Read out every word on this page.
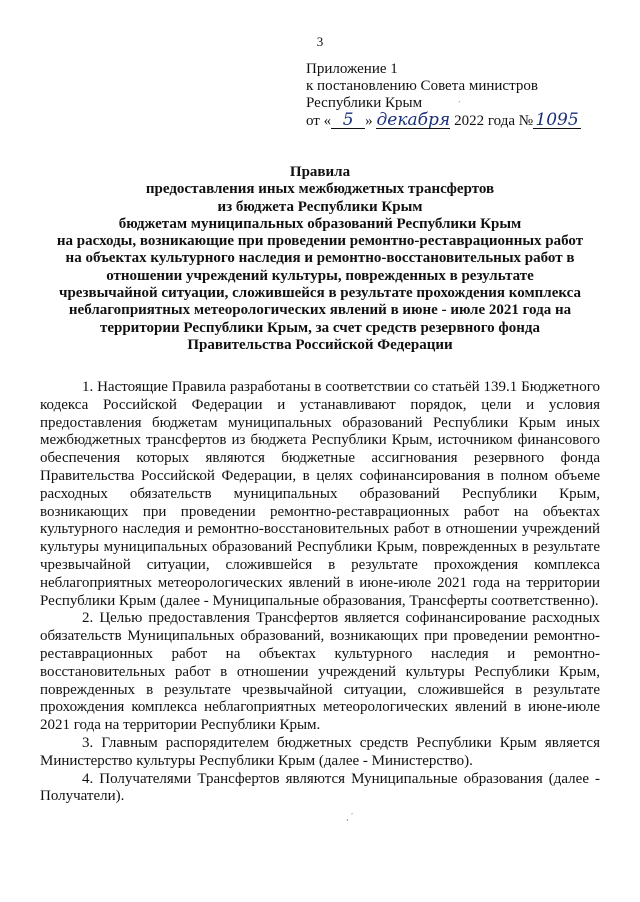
3
Приложение 1
к постановлению Совета министров
Республики Крым
от « 5 » декабря 2022 года № 1095
Правила
предоставления иных межбюджетных трансфертов
из бюджета Республики Крым
бюджетам муниципальных образований Республики Крым
на расходы, возникающие при проведении ремонтно-реставрационных работ
на объектах культурного наследия и ремонтно-восстановительных работ в
отношении учреждений культуры, поврежденных в результате
чрезвычайной ситуации, сложившейся в результате прохождения комплекса
неблагоприятных метеорологических явлений в июне - июле 2021 года на
территории Республики Крым, за счет средств резервного фонда
Правительства Российской Федерации

1. Настоящие Правила разработаны в соответствии со статьёй 139.1 Бюджетного кодекса Российской Федерации и устанавливают порядок, цели и условия предоставления бюджетам муниципальных образований Республики Крым иных межбюджетных трансфертов из бюджета Республики Крым, источником финансового обеспечения которых являются бюджетные ассигнования резервного фонда Правительства Российской Федерации, в целях софинансирования в полном объеме расходных обязательств муниципальных образований Республики Крым, возникающих при проведении ремонтно-реставрационных работ на объектах культурного наследия и ремонтно-восстановительных работ в отношении учреждений культуры муниципальных образований Республики Крым, поврежденных в результате чрезвычайной ситуации, сложившейся в результате прохождения комплекса неблагоприятных метеорологических явлений в июне-июле 2021 года на территории Республики Крым (далее - Муниципальные образования, Трансферты соответственно).

2. Целью предоставления Трансфертов является софинансирование расходных обязательств Муниципальных образований, возникающих при проведении ремонтно-реставрационных работ на объектах культурного наследия и ремонтно-восстановительных работ в отношении учреждений культуры Республики Крым, поврежденных в результате чрезвычайной ситуации, сложившейся в результате прохождения комплекса неблагоприятных метеорологических явлений в июне-июле 2021 года на территории Республики Крым.

3. Главным распорядителем бюджетных средств Республики Крым является Министерство культуры Республики Крым (далее - Министерство).

4. Получателями Трансфертов являются Муниципальные образования (далее - Получатели).

ˊ
¸ ˊ
